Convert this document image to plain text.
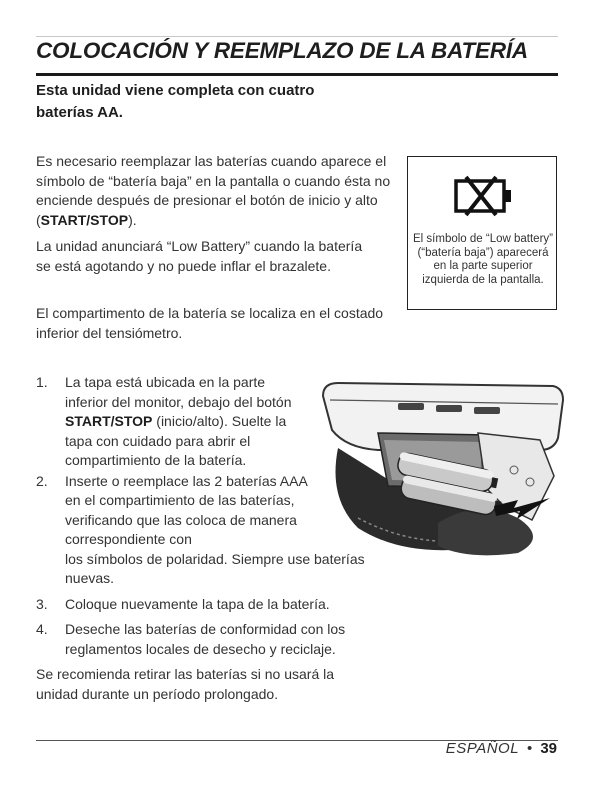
COLOCACIÓN Y REEMPLAZO DE LA BATERÍA
Esta unidad viene completa con cuatro baterías AA.
Es necesario reemplazar las baterías cuando aparece el símbolo de “batería baja” en la pantalla o cuando ésta no enciende después de presionar el botón de inicio y alto (START/STOP).
La unidad anunciará “Low Battery” cuando la batería se está agotando y no puede inflar el brazalete.
El compartimento de la batería se localiza en el costado inferior del tensiómetro.
El símbolo de “Low battery” (“batería baja”) aparecerá en la parte superior izquierda de la pantalla.
1. La tapa está ubicada en la parte inferior del monitor, debajo del botón START/STOP (inicio/alto). Suelte la tapa con cuidado para abrir el compartimiento de la batería.
2. Inserte o reemplace las 2 baterías AAA en el compartimiento de las baterías, verificando que las coloca de manera correspondiente con
los símbolos de polaridad. Siempre use baterías nuevas.
3. Coloque nuevamente la tapa de la batería.
4. Deseche las baterías de conformidad con los reglamentos locales de desecho y reciclaje.
Se recomienda retirar las baterías si no usará la unidad durante un período prolongado.
ESPAÑOL • 39
